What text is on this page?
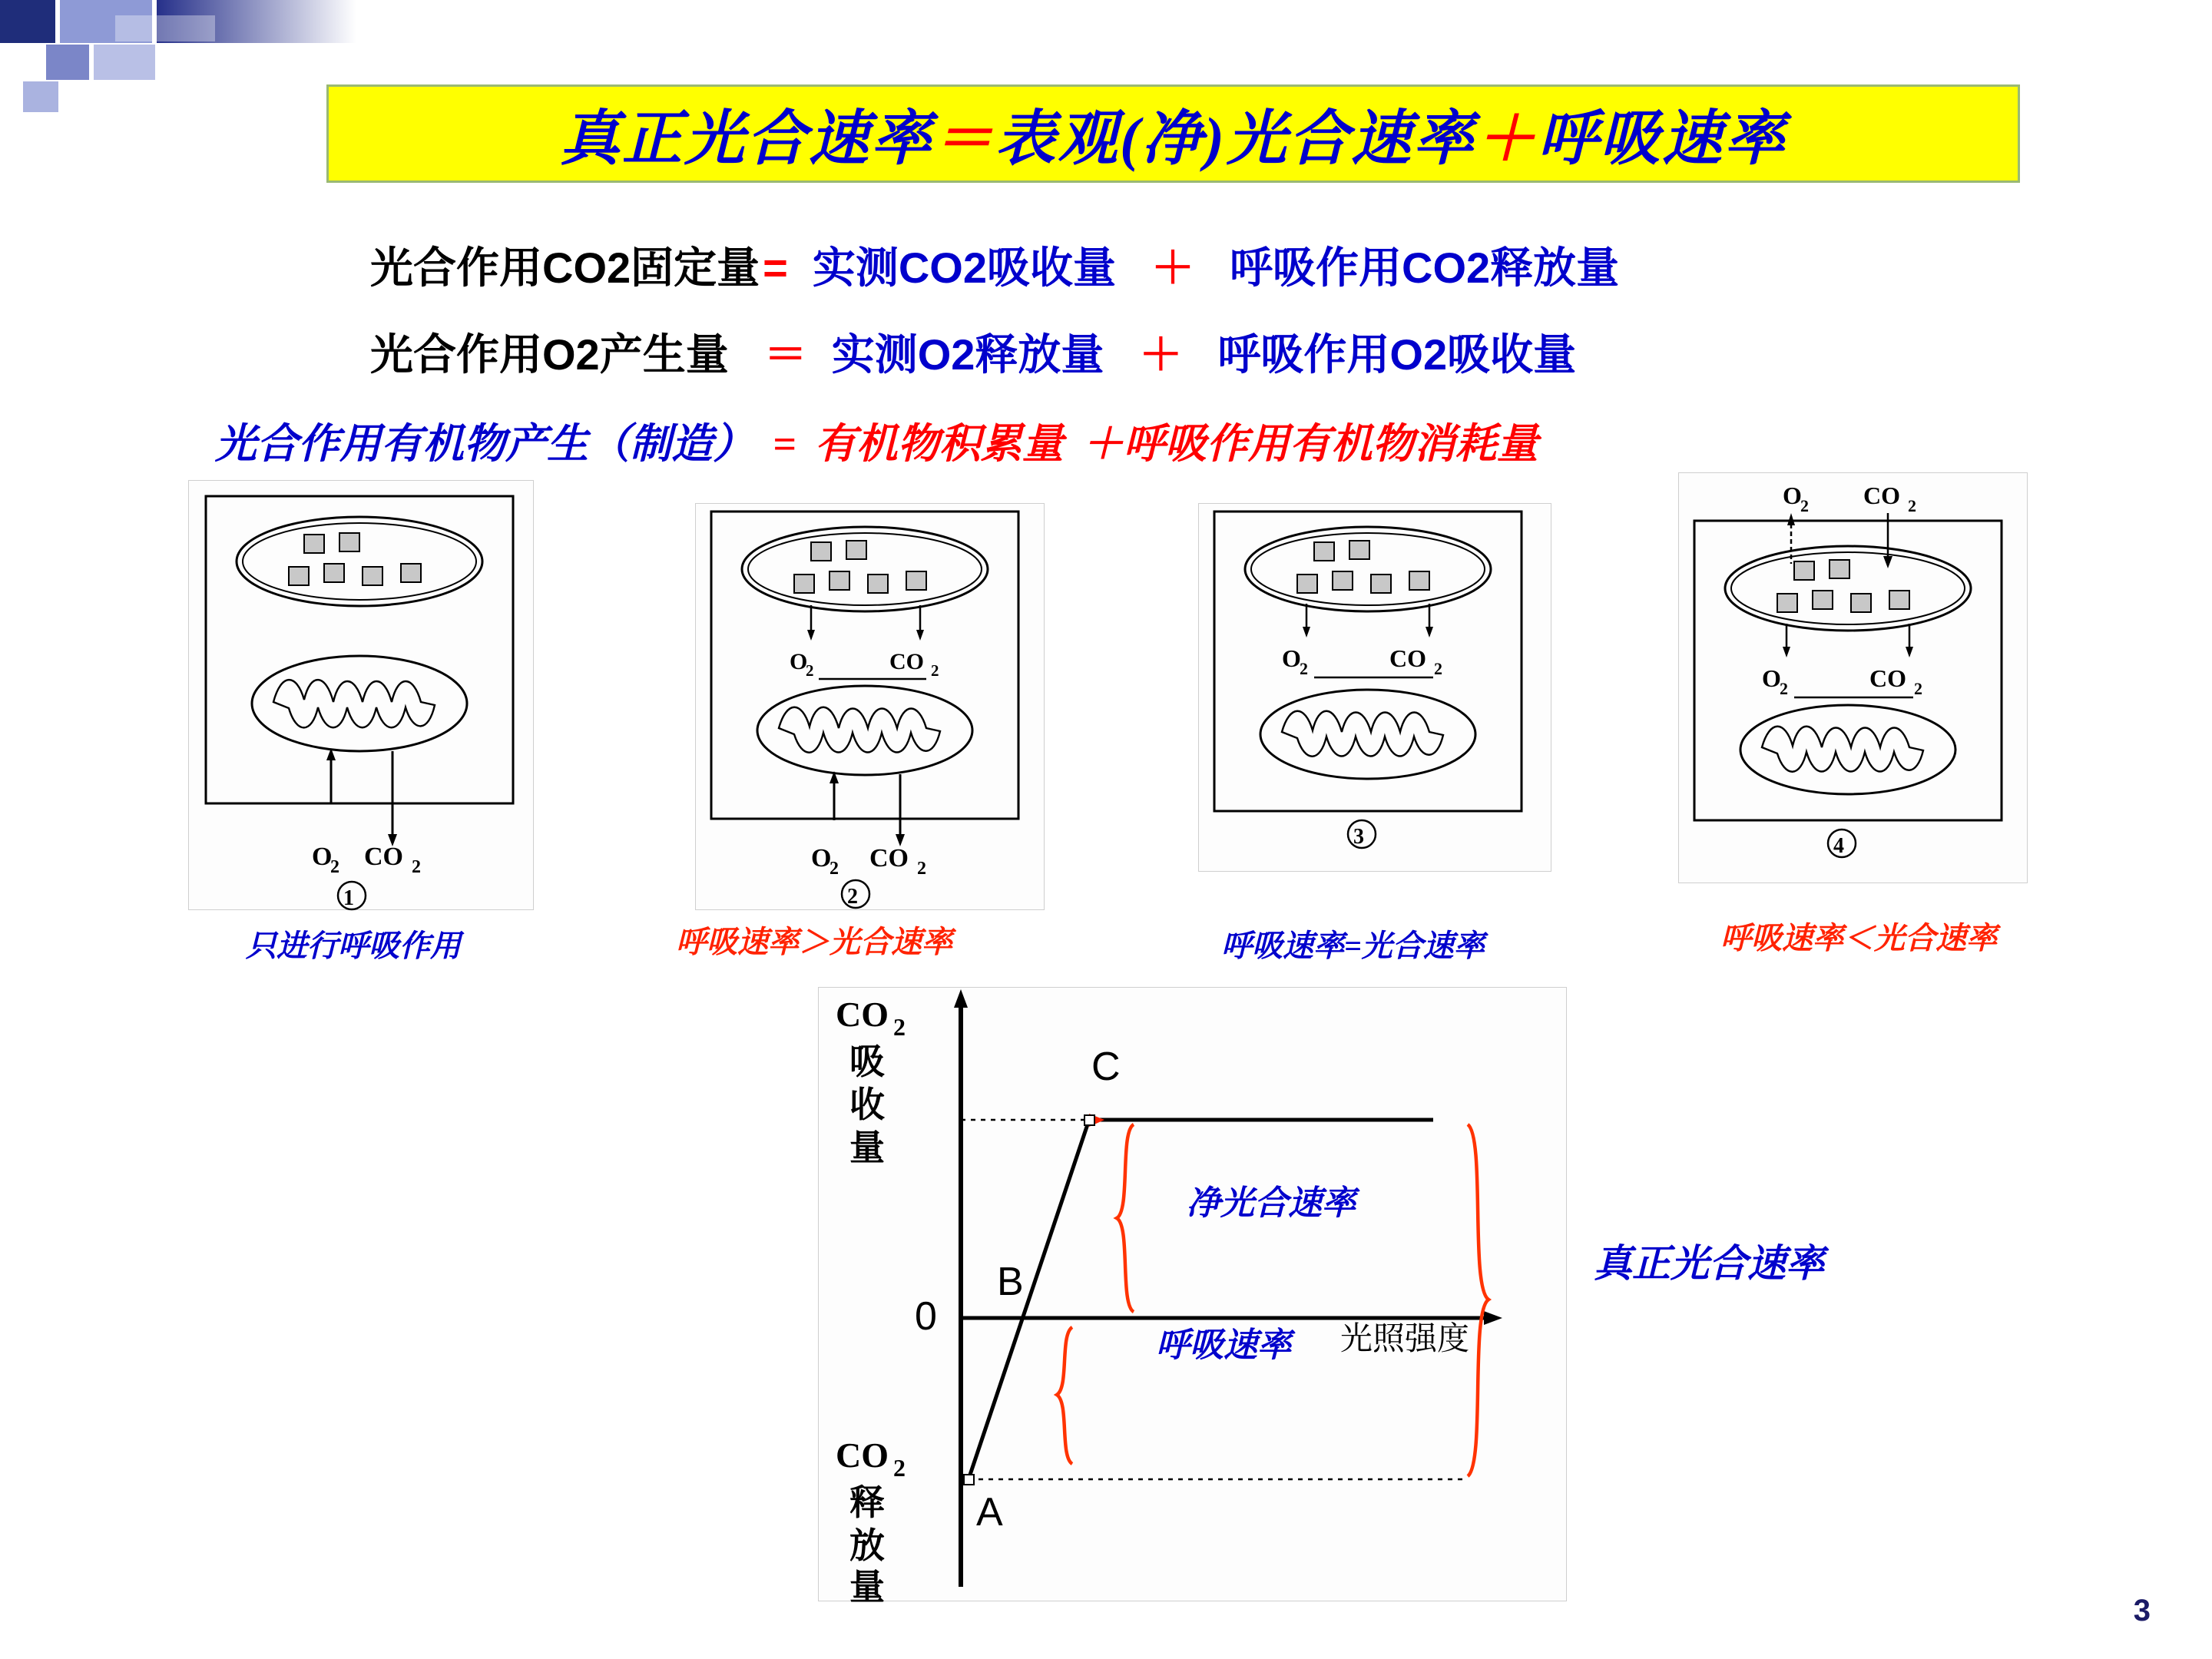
真正光合速率＝表观(净)光合速率＋呼吸速率
光合作用CO2固定量= 实测CO2吸收量 ＋ 呼吸作用CO2释放量
光合作用O2产生量 ＝ 实测O2释放量 ＋ 呼吸作用O2吸收量
光合作用有机物产生（制造） = 有机物积累量 ＋呼吸作用有机物消耗量
O
2 CO 2
1
只进行呼吸作用
O
2	CO 2
O
2 CO 2
2
呼吸速率＞光合速率
O
2	CO 2
3
呼吸速率=光合速率
O
2 CO 2
O
2	CO 2
4
呼吸速率＜光合速率
C
B
A
0
CO 2
吸
收
量
CO 2
释
放
量
净光合速率
呼吸速率
真正光合速率
光照强度
3
